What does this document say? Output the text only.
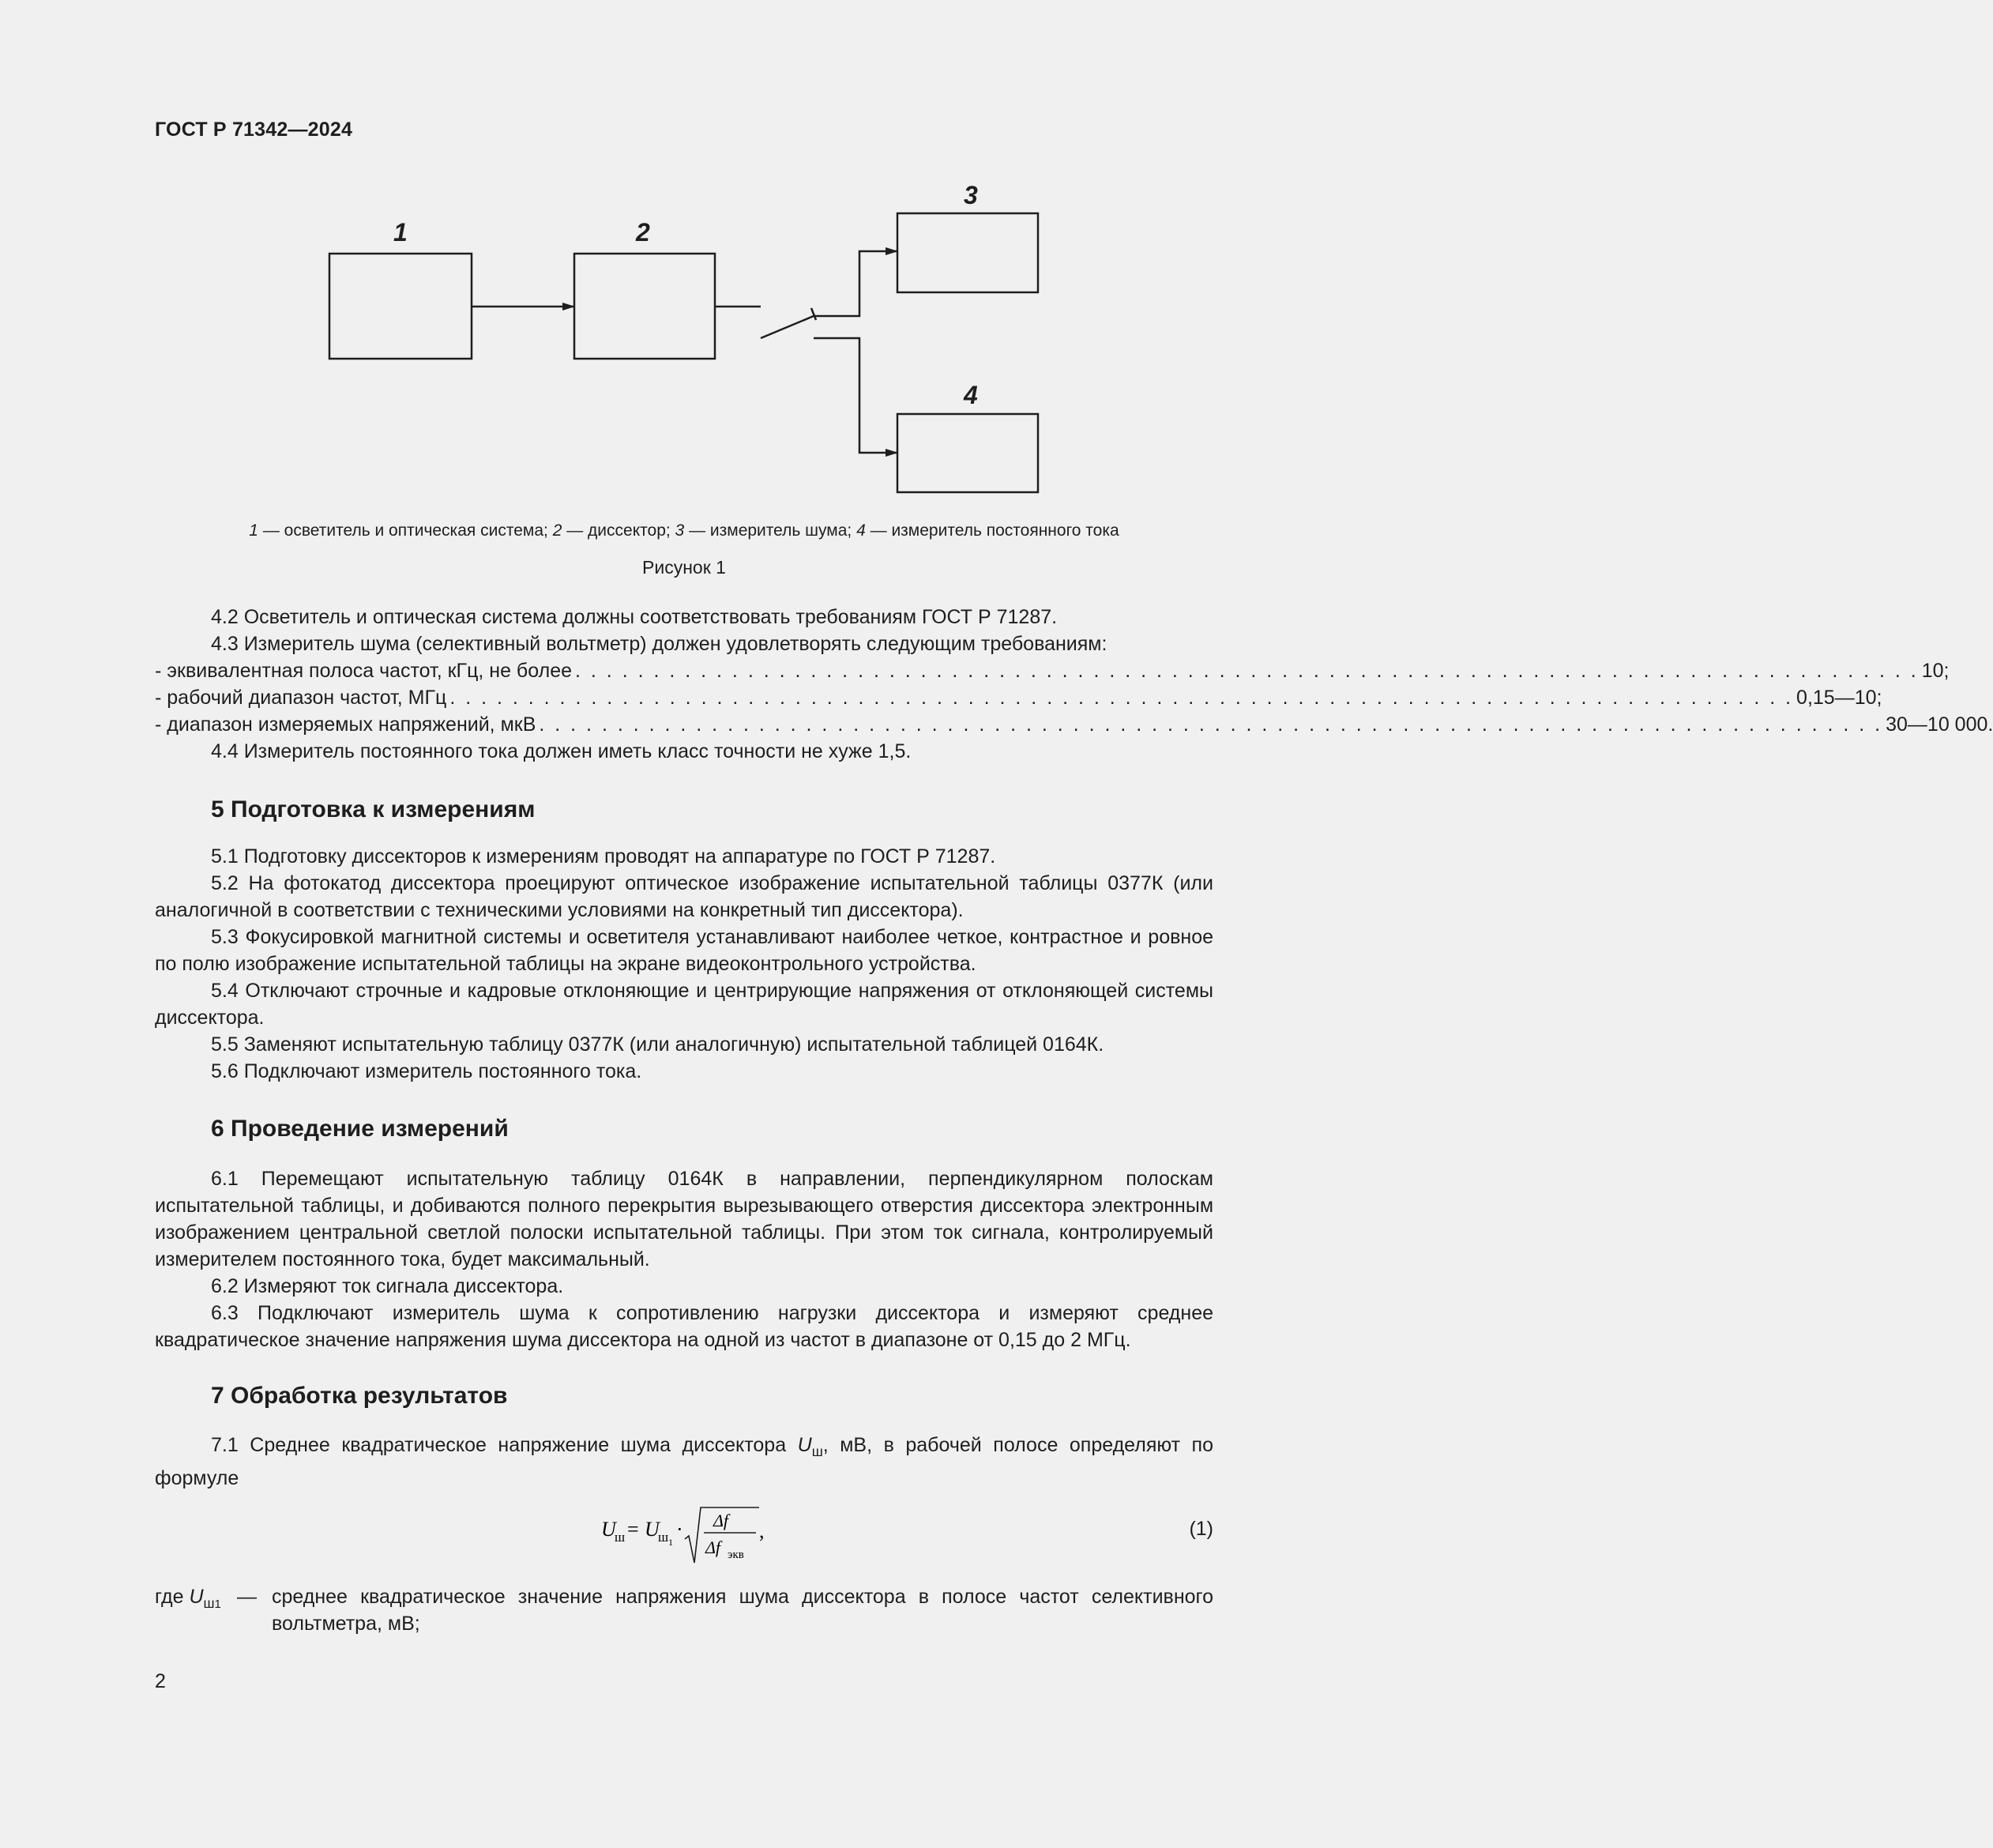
ГОСТ Р 71342—2024
1	2
3
4
1 — осветитель и оптическая система; 2 — диссектор; 3 — измеритель шума; 4 — измеритель постоянного тока
Рисунок 1

4.2 Осветитель и оптическая система должны соответствовать требованиям ГОСТ Р 71287.

4.3 Измеритель шума (селективный вольтметр) должен удовлетворять следующим требованиям:

- эквивалентная полоса частот, кГц, не более . . . . . . . . . . . . . . . . . . . . . . . . . . . . . . . . . . . . . . . . . . . . . . . . . . . . . . . . . . . . . . . . . . . . . . . . . . . . . . . . . . . . . . 10;
- рабочий диапазон частот, МГц . . . . . . . . . . . . . . . . . . . . . . . . . . . . . . . . . . . . . . . . . . . . . . . . . . . . . . . . . . . . . . . . . . . . . . . . . . . . . . . . . . . . . . 0,15—10;
- диапазон измеряемых напряжений, мкВ . . . . . . . . . . . . . . . . . . . . . . . . . . . . . . . . . . . . . . . . . . . . . . . . . . . . . . . . . . . . . . . . . . . . . . . . . . . . . . . . . . . . . . 30—10 000.

4.4 Измеритель постоянного тока должен иметь класс точности не хуже 1,5.

5 Подготовка к измерениям

5.1 Подготовку диссекторов к измерениям проводят на аппаратуре по ГОСТ Р 71287.

5.2 На фотокатод диссектора проецируют оптическое изображение испытательной таблицы 0377К (или аналогичной в соответствии с техническими условиями на конкретный тип диссектора).

5.3 Фокусировкой магнитной системы и осветителя устанавливают наиболее четкое, контрастное и ровное по полю изображение испытательной таблицы на экране видеоконтрольного устройства.

5.4 Отключают строчные и кадровые отклоняющие и центрирующие напряжения от отклоняющей системы диссектора.

5.5 Заменяют испытательную таблицу 0377К (или аналогичную) испытательной таблицей 0164К.

5.6 Подключают измеритель постоянного тока.

6 Проведение измерений

6.1 Перемещают испытательную таблицу 0164К в направлении, перпендикулярном полоскам испытательной таблицы, и добиваются полного перекрытия вырезывающего отверстия диссектора электронным изображением центральной светлой полоски испытательной таблицы. При этом ток сигнала, контролируемый измерителем постоянного тока, будет максимальный.

6.2 Измеряют ток сигнала диссектора.

6.3 Подключают измеритель шума к сопротивлению нагрузки диссектора и измеряют среднее квадратическое значение напряжения шума диссектора на одной из частот в диапазоне от 0,15 до 2 МГц.

7 Обработка результатов

7.1 Среднее квадратическое напряжение шума диссектора $U_ш$, мВ, в рабочей полосе определяют по формуле

U
ш = U
ш 1
· Δf
Δf экв
,	(1)
где $U_{ш1}$ — среднее квадратическое значение напряжения шума диссектора в полосе частот селективного вольтметра, мВ;
2
